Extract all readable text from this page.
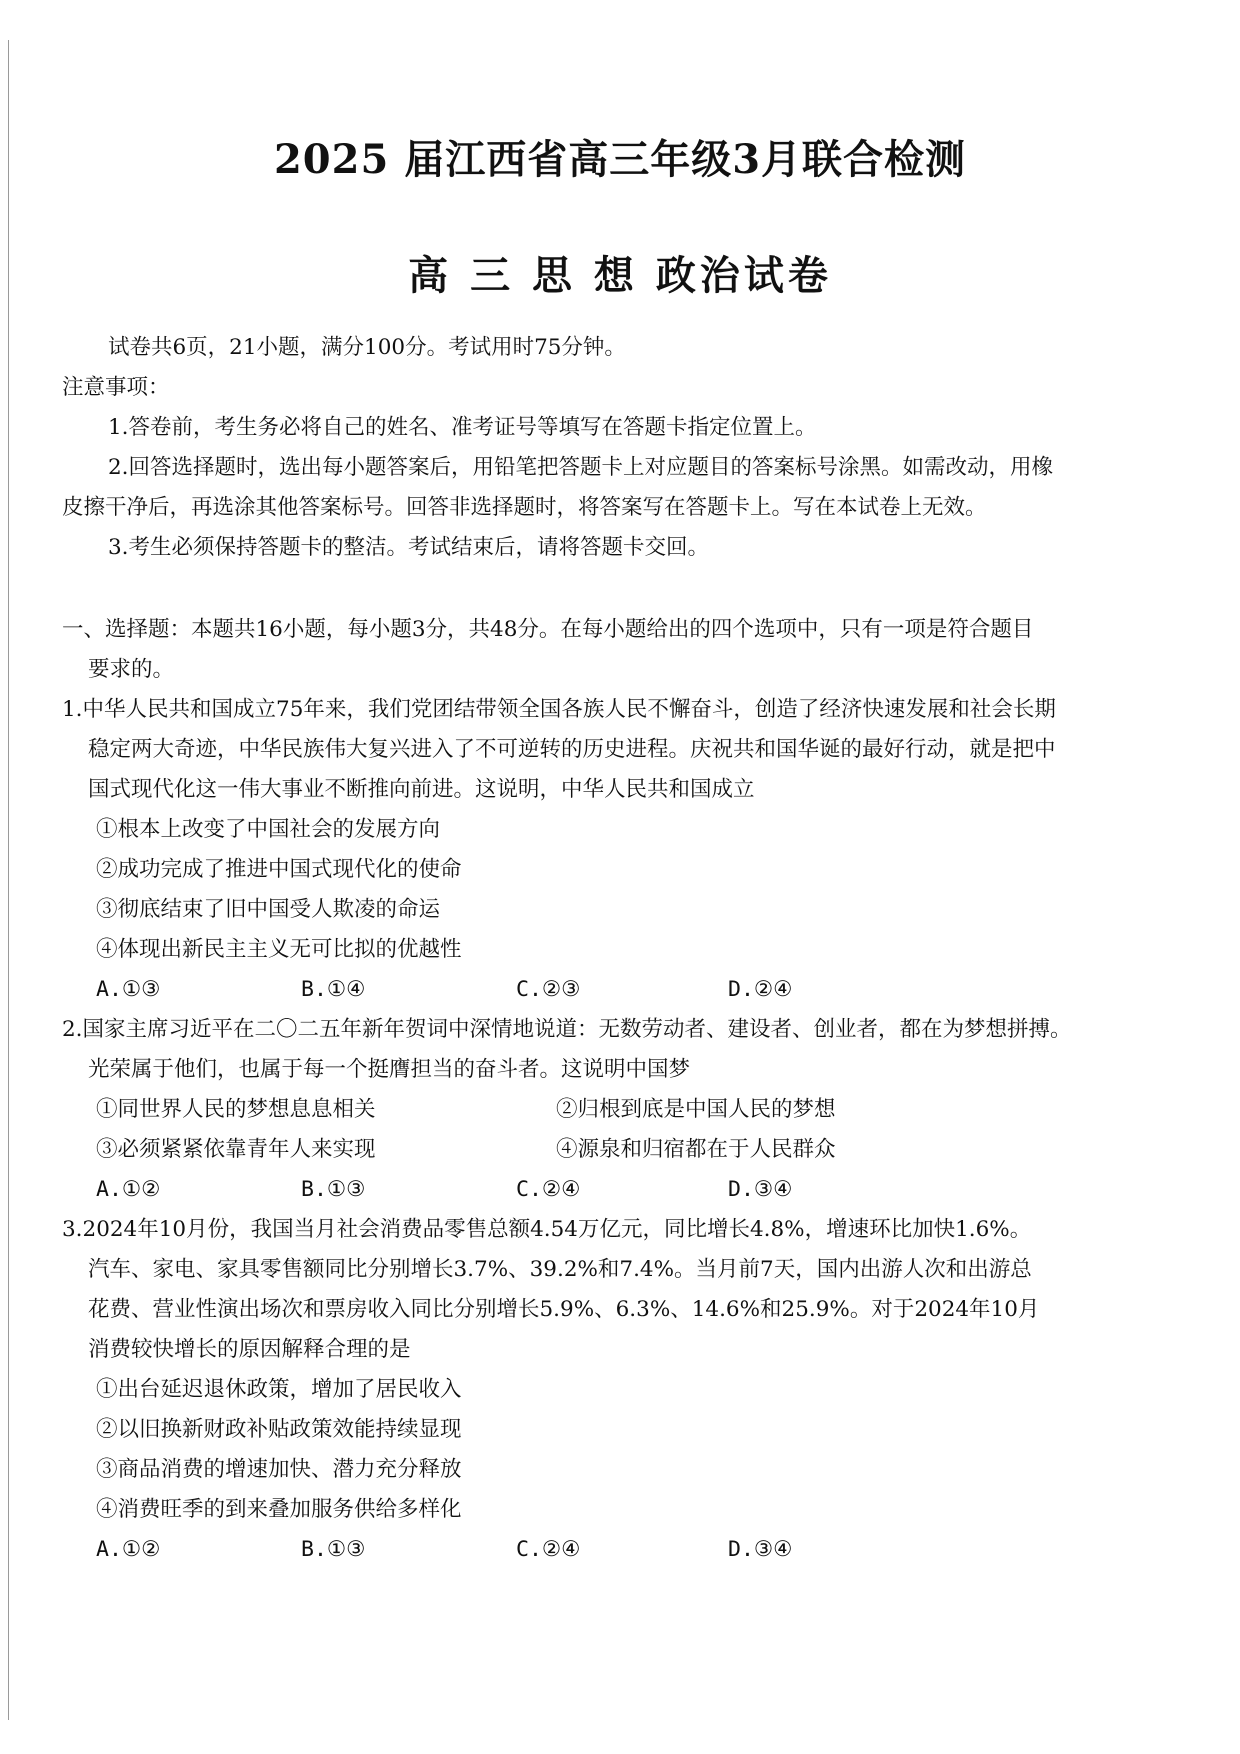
2025 届江西省高三年级3月联合检测
高 三 思 想 政治试卷

试卷共6页，21小题，满分100分。考试用时75分钟。

注意事项：

1.答卷前，考生务必将自己的姓名、准考证号等填写在答题卡指定位置上。

2.回答选择题时，选出每小题答案后，用铅笔把答题卡上对应题目的答案标号涂黑。如需改动，用橡

皮擦干净后，再选涂其他答案标号。回答非选择题时，将答案写在答题卡上。写在本试卷上无效。

3.考生必须保持答题卡的整洁。考试结束后，请将答题卡交回。

一、选择题：本题共16小题，每小题3分，共48分。在每小题给出的四个选项中，只有一项是符合题目

要求的。

1.中华人民共和国成立75年来，我们党团结带领全国各族人民不懈奋斗，创造了经济快速发展和社会长期

稳定两大奇迹，中华民族伟大复兴进入了不可逆转的历史进程。庆祝共和国华诞的最好行动，就是把中

国式现代化这一伟大事业不断推向前进。这说明，中华人民共和国成立

①根本上改变了中国社会的发展方向

②成功完成了推进中国式现代化的使命

③彻底结束了旧中国受人欺凌的命运

④体现出新民主主义无可比拟的优越性

A.①③	B.①④	C.②③	D.②④

2.国家主席习近平在二〇二五年新年贺词中深情地说道：无数劳动者、建设者、创业者，都在为梦想拼搏。

光荣属于他们，也属于每一个挺膺担当的奋斗者。这说明中国梦

①同世界人民的梦想息息相关	②归根到底是中国人民的梦想

③必须紧紧依靠青年人来实现	④源泉和归宿都在于人民群众

A.①②	B.①③	C.②④	D.③④

3.2024年10月份，我国当月社会消费品零售总额4.54万亿元，同比增长4.8%，增速环比加快1.6%。

汽车、家电、家具零售额同比分别增长3.7%、39.2%和7.4%。当月前7天，国内出游人次和出游总

花费、营业性演出场次和票房收入同比分别增长5.9%、6.3%、14.6%和25.9%。对于2024年10月

消费较快增长的原因解释合理的是

①出台延迟退休政策，增加了居民收入

②以旧换新财政补贴政策效能持续显现

③商品消费的增速加快、潜力充分释放

④消费旺季的到来叠加服务供给多样化

A.①②	B.①③	C.②④	D.③④
